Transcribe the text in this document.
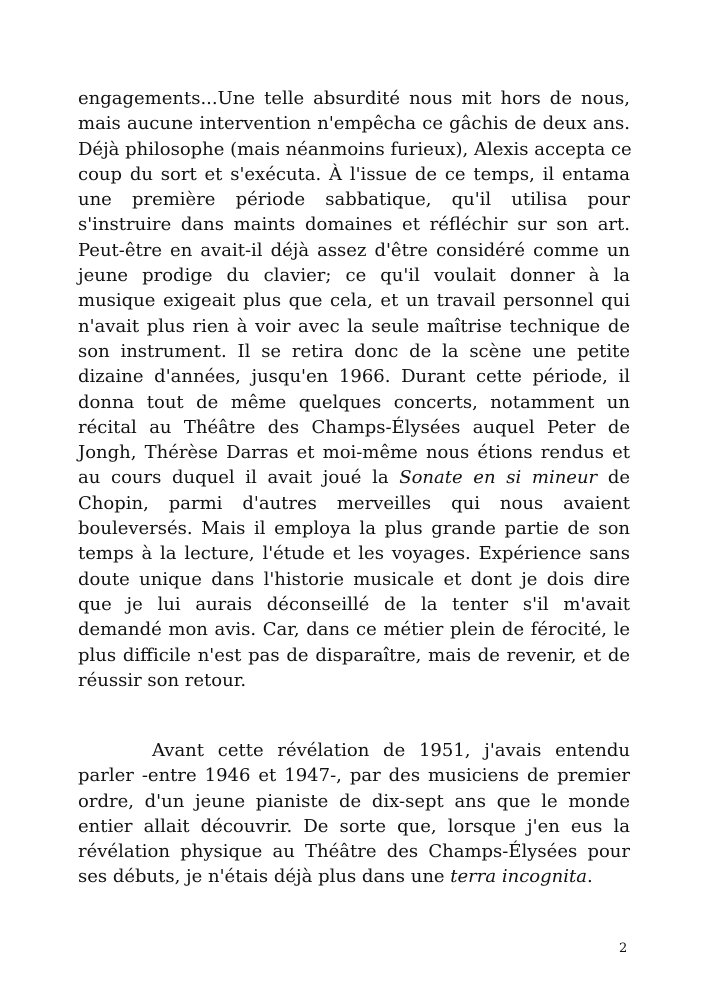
engagements...Une telle absurdité nous mit hors de nous,
mais aucune intervention n'empêcha ce gâchis de deux ans.
Déjà philosophe (mais néanmoins furieux), Alexis accepta ce
coup du sort et s'exécuta. À l'issue de ce temps, il entama
une première période sabbatique, qu'il utilisa pour
s'instruire dans maints domaines et réfléchir sur son art.
Peut-être en avait-il déjà assez d'être considéré comme un
jeune prodige du clavier; ce qu'il voulait donner à la
musique exigeait plus que cela, et un travail personnel qui
n'avait plus rien à voir avec la seule maîtrise technique de
son instrument. Il se retira donc de la scène une petite
dizaine d'années, jusqu'en 1966. Durant cette période, il
donna tout de même quelques concerts, notamment un
récital au Théâtre des Champs-Élysées auquel Peter de
Jongh, Thérèse Darras et moi-même nous étions rendus et
au cours duquel il avait joué la Sonate en si mineur de
Chopin, parmi d'autres merveilles qui nous avaient
bouleversés. Mais il employa la plus grande partie de son
temps à la lecture, l'étude et les voyages. Expérience sans
doute unique dans l'historie musicale et dont je dois dire
que je lui aurais déconseillé de la tenter s'il m'avait
demandé mon avis. Car, dans ce métier plein de férocité, le
plus difficile n'est pas de disparaître, mais de revenir, et de
réussir son retour.
Avant cette révélation de 1951, j'avais entendu
parler -entre 1946 et 1947-, par des musiciens de premier
ordre, d'un jeune pianiste de dix-sept ans que le monde
entier allait découvrir. De sorte que, lorsque j'en eus la
révélation physique au Théâtre des Champs-Élysées pour
ses débuts, je n'étais déjà plus dans une terra incognita.
2
